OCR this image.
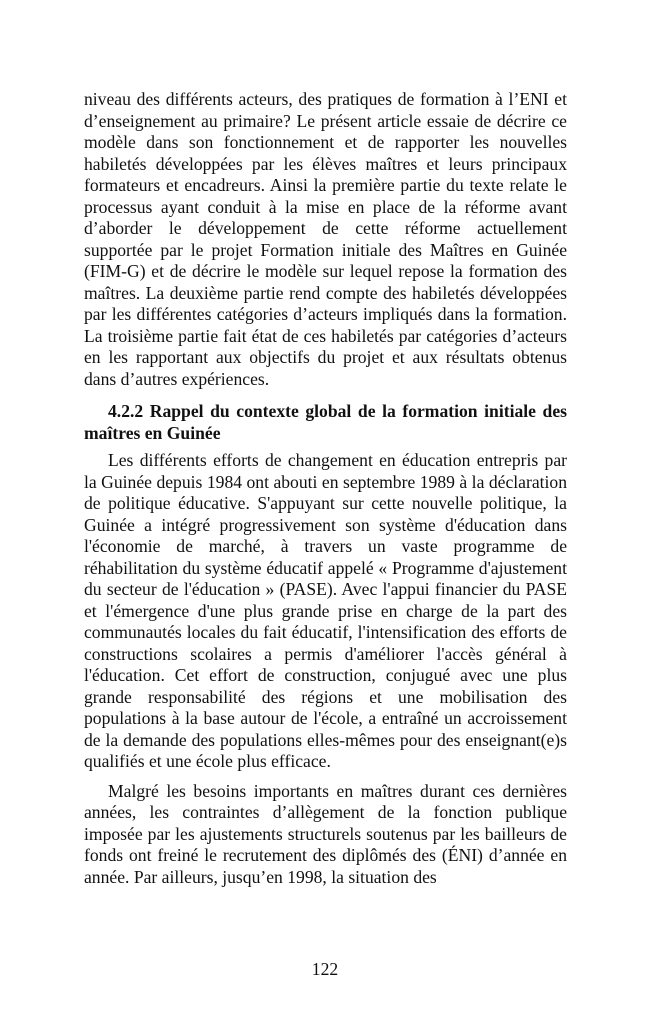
niveau des différents acteurs, des pratiques de formation à l’ENI et d’enseignement au primaire? Le présent article essaie de décrire ce modèle dans son fonctionnement et de rapporter les nouvelles habiletés développées par les élèves maîtres et leurs principaux formateurs et encadreurs. Ainsi la première partie du texte relate le processus ayant conduit à la mise en place de la réforme avant d’aborder le développement de cette réforme actuellement supportée par le projet Formation initiale des Maîtres en Guinée (FIM-G) et de décrire le modèle sur lequel repose la formation des maîtres. La deuxième partie rend compte des habiletés développées par les différentes catégories d’acteurs impliqués dans la formation. La troisième partie fait état de ces habiletés par catégories d’acteurs en les rapportant aux objectifs du projet et aux résultats obtenus dans d’autres expériences.

4.2.2 Rappel du contexte global de la formation initiale des maîtres en Guinée

Les différents efforts de changement en éducation entrepris par la Guinée depuis 1984 ont abouti en septembre 1989 à la déclaration de politique éducative. S'appuyant sur cette nouvelle politique, la Guinée a intégré progressivement son système d'éducation dans l'économie de marché, à travers un vaste programme de réhabilitation du système éducatif appelé « Programme d'ajustement du secteur de l'éducation » (PASE). Avec l'appui financier du PASE et l'émergence d'une plus grande prise en charge de la part des communautés locales du fait éducatif, l'intensification des efforts de constructions scolaires a permis d'améliorer l'accès général à l'éducation. Cet effort de construction, conjugué avec une plus grande responsabilité des régions et une mobilisation des populations à la base autour de l'école, a entraîné un accroissement de la demande des populations elles-mêmes pour des enseignant(e)s qualifiés et une école plus efficace.

Malgré les besoins importants en maîtres durant ces dernières années, les contraintes d’allègement de la fonction publique imposée par les ajustements structurels soutenus par les bailleurs de fonds ont freiné le recrutement des diplômés des (ÉNI) d’année en année. Par ailleurs, jusqu’en 1998, la situation des

122
